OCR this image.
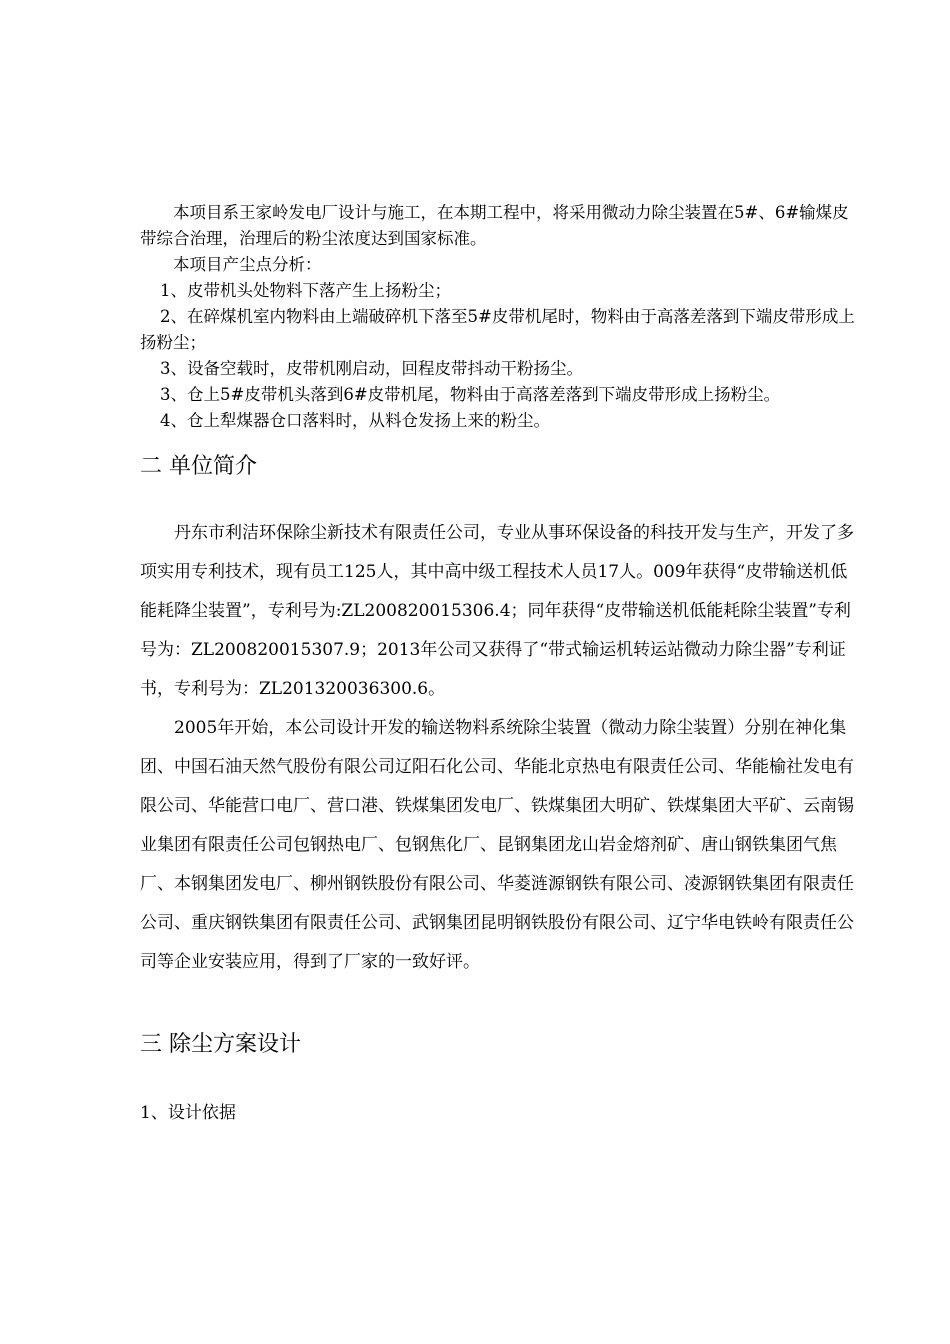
本项目系王家岭发电厂设计与施工，在本期工程中，将采用微动力除尘装置在5#、6#输煤皮带综合治理，治理后的粉尘浓度达到国家标准。

本项目产尘点分析：

1、皮带机头处物料下落产生上扬粉尘；

2、在碎煤机室内物料由上端破碎机下落至5#皮带机尾时，物料由于高落差落到下端皮带形成上扬粉尘；

3、设备空载时，皮带机刚启动，回程皮带抖动干粉扬尘。

3、仓上5#皮带机头落到6#皮带机尾，物料由于高落差落到下端皮带形成上扬粉尘。

4、仓上犁煤器仓口落料时，从料仓发扬上来的粉尘。

二 单位简介

丹东市利洁环保除尘新技术有限责任公司，专业从事环保设备的科技开发与生产，开发了多项实用专利技术，现有员工125人，其中高中级工程技术人员17人。009年获得“皮带输送机低能耗降尘装置”，专利号为:ZL200820015306.4；同年获得“皮带输送机低能耗除尘装置”专利号为：ZL200820015307.9；2013年公司又获得了“带式输运机转运站微动力除尘器”专利证书，专利号为：ZL201320036300.6。

2005年开始，本公司设计开发的输送物料系统除尘装置（微动力除尘装置）分别在神化集团、中国石油天然气股份有限公司辽阳石化公司、华能北京热电有限责任公司、华能榆社发电有限公司、华能营口电厂、营口港、铁煤集团发电厂、铁煤集团大明矿、铁煤集团大平矿、云南锡业集团有限责任公司包钢热电厂、包钢焦化厂、昆钢集团龙山岩金熔剂矿、唐山钢铁集团气焦厂、本钢集团发电厂、柳州钢铁股份有限公司、华菱涟源钢铁有限公司、凌源钢铁集团有限责任公司、重庆钢铁集团有限责任公司、武钢集团昆明钢铁股份有限公司、辽宁华电铁岭有限责任公司等企业安装应用，得到了厂家的一致好评。

三 除尘方案设计

1、设计依据
